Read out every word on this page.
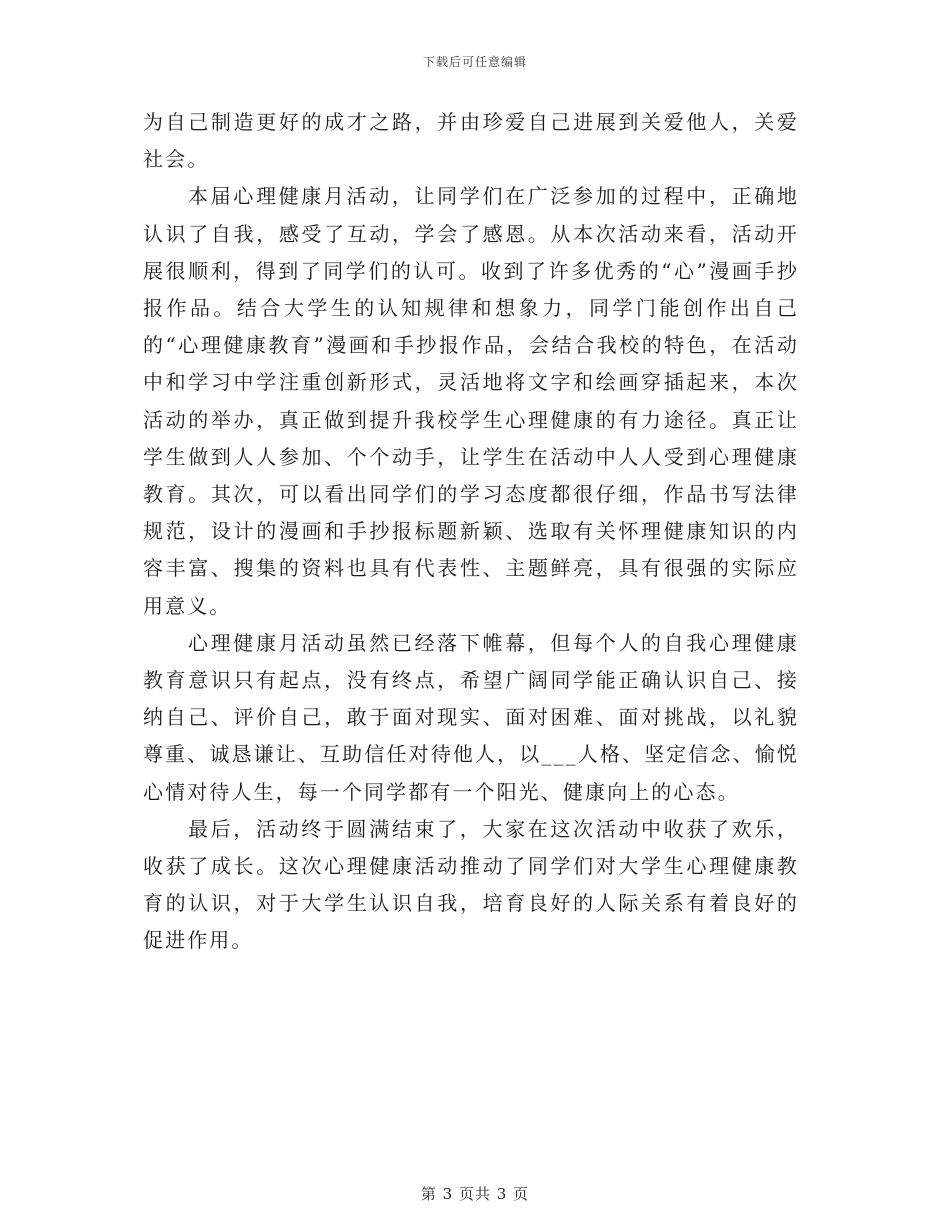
下载后可任意编辑

为自己制造更好的成才之路，并由珍爱自己进展到关爱他人，关爱社会。

本届心理健康月活动，让同学们在广泛参加的过程中，正确地认识了自我，感受了互动，学会了感恩。从本次活动来看，活动开展很顺利，得到了同学们的认可。收到了许多优秀的“心”漫画手抄报作品。结合大学生的认知规律和想象力，同学门能创作出自己的“心理健康教育”漫画和手抄报作品，会结合我校的特色，在活动中和学习中学注重创新形式，灵活地将文字和绘画穿插起来，本次活动的举办，真正做到提升我校学生心理健康的有力途径。真正让学生做到人人参加、个个动手，让学生在活动中人人受到心理健康教育。其次，可以看出同学们的学习态度都很仔细，作品书写法律规范，设计的漫画和手抄报标题新颖、选取有关怀理健康知识的内容丰富、搜集的资料也具有代表性、主题鲜亮，具有很强的实际应用意义。

心理健康月活动虽然已经落下帷幕，但每个人的自我心理健康教育意识只有起点，没有终点，希望广阔同学能正确认识自己、接纳自己、评价自己，敢于面对现实、面对困难、面对挑战，以礼貌尊重、诚恳谦让、互助信任对待他人，以___人格、坚定信念、愉悦心情对待人生，每一个同学都有一个阳光、健康向上的心态。

最后，活动终于圆满结束了，大家在这次活动中收获了欢乐，收获了成长。这次心理健康活动推动了同学们对大学生心理健康教育的认识，对于大学生认识自我，培育良好的人际关系有着良好的促进作用。

第 3 页共 3 页
